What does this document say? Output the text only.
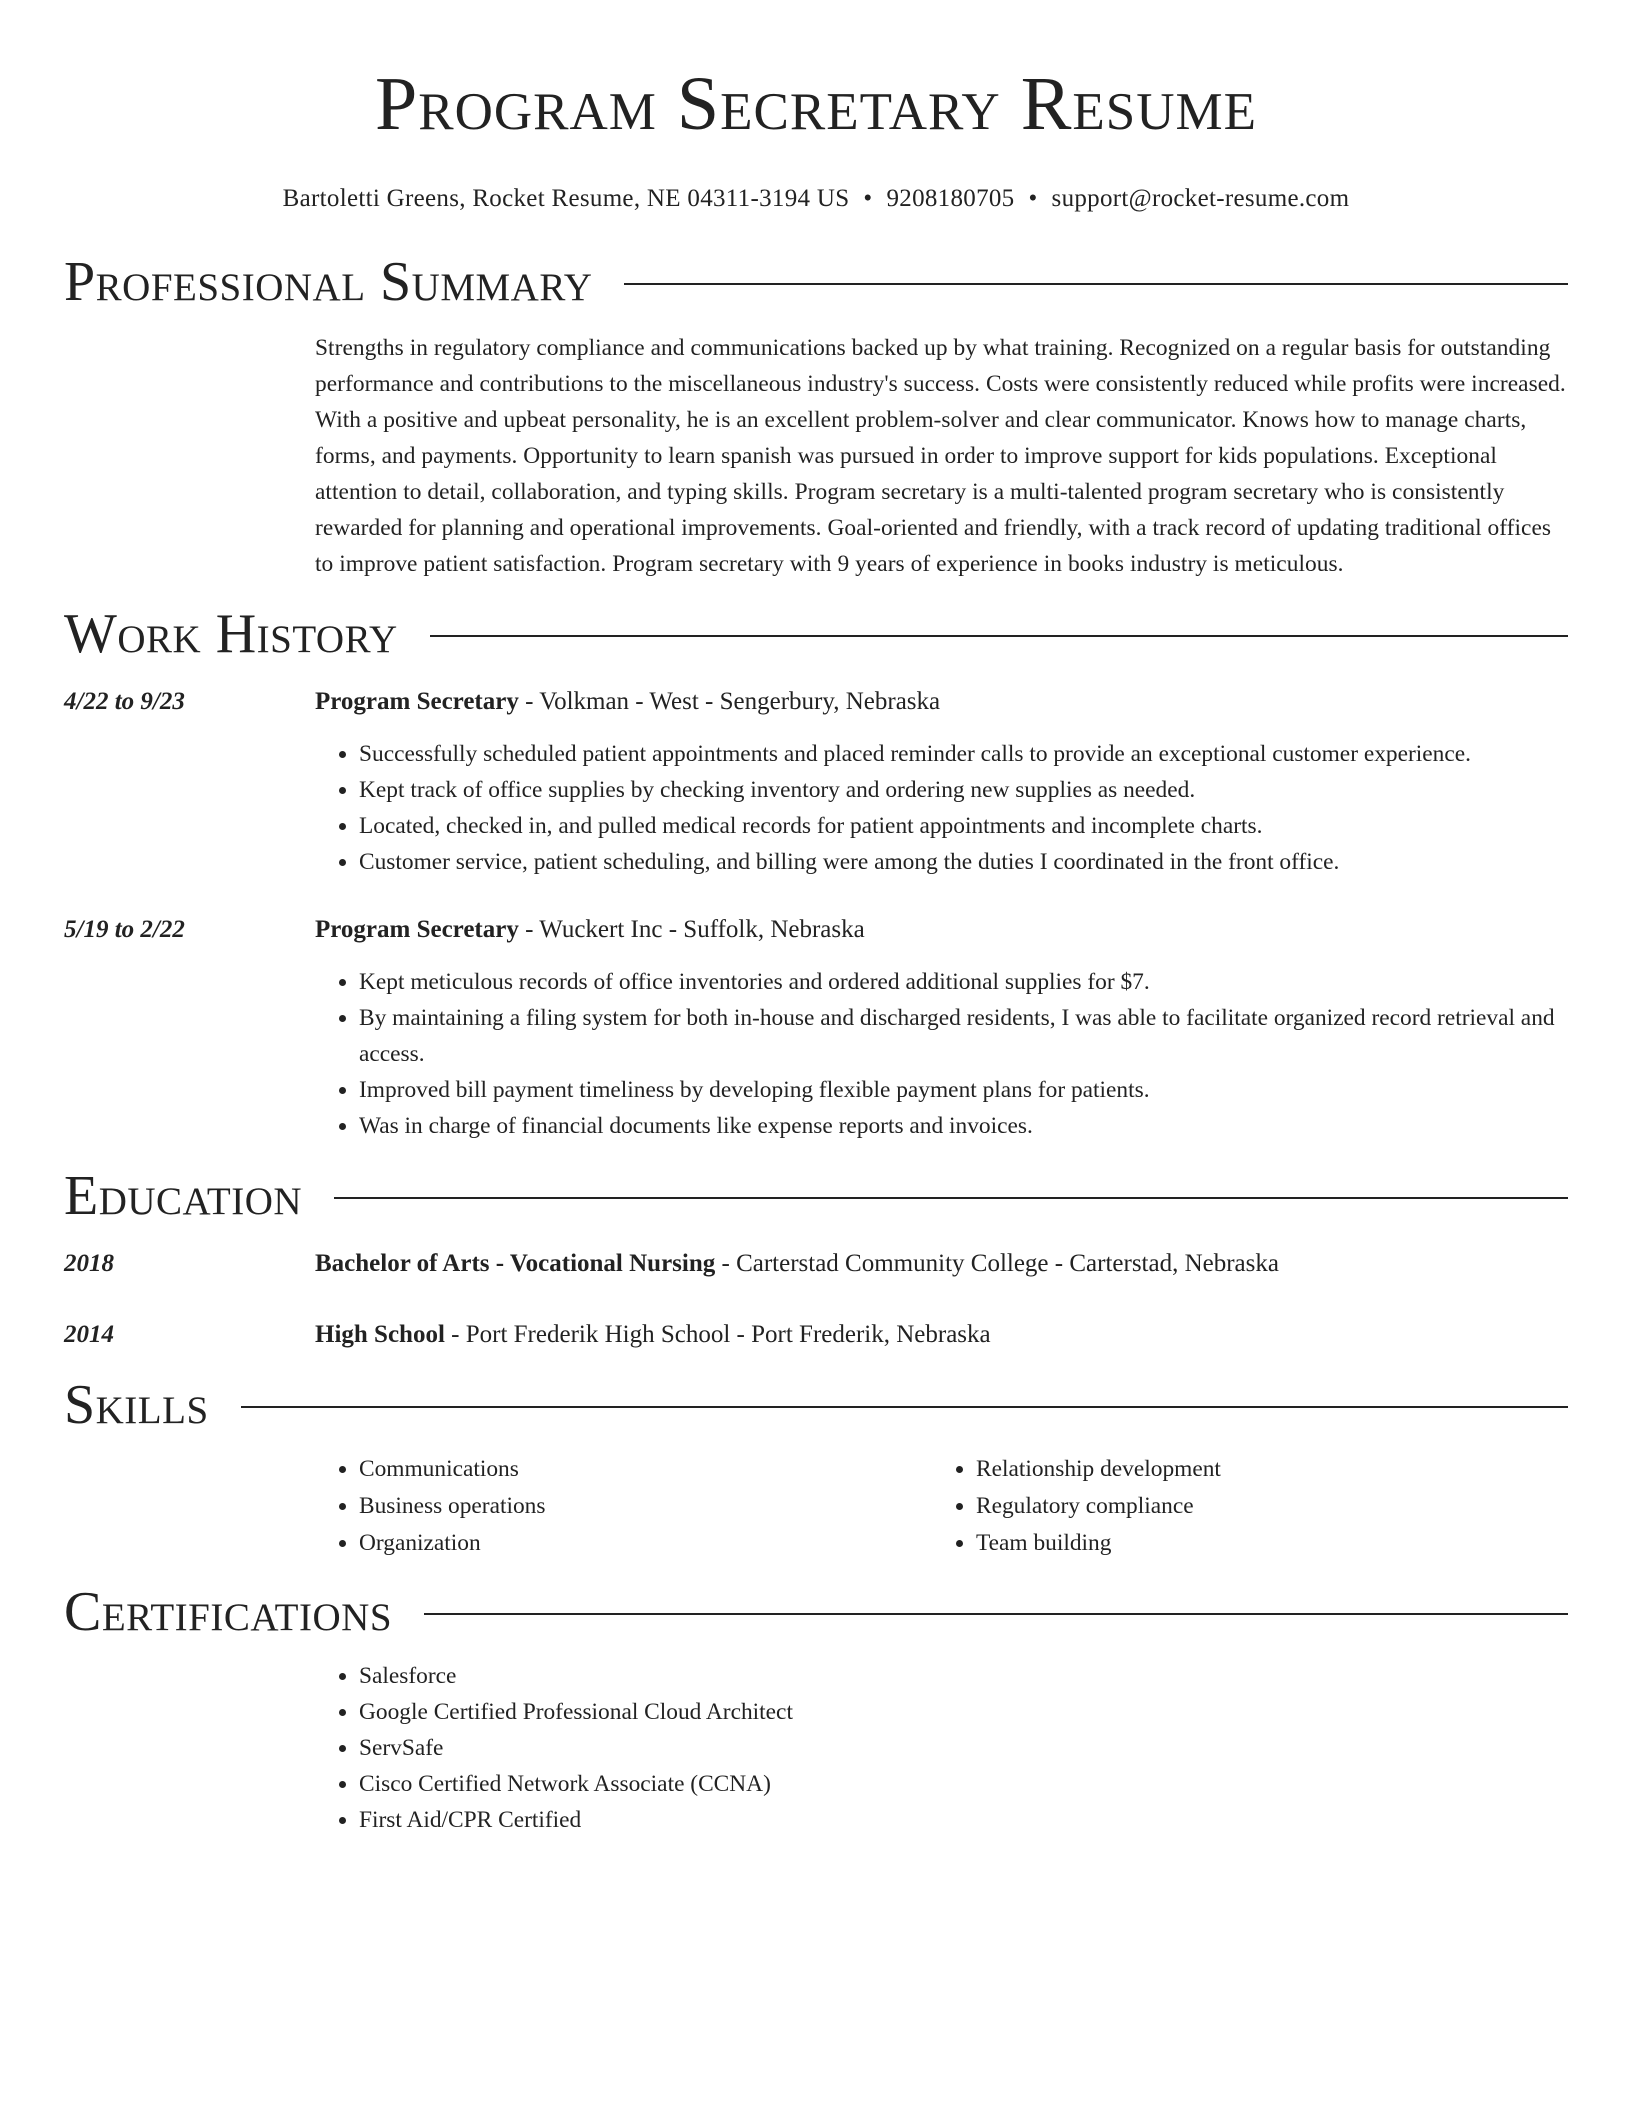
Program Secretary Resume
Bartoletti Greens, Rocket Resume, NE 04311-3194 US • 9208180705 • support@rocket-resume.com
Professional Summary

Strengths in regulatory compliance and communications backed up by what training. Recognized on a regular basis for outstanding performance and contributions to the miscellaneous industry's success. Costs were consistently reduced while profits were increased. With a positive and upbeat personality, he is an excellent problem-solver and clear communicator. Knows how to manage charts, forms, and payments. Opportunity to learn spanish was pursued in order to improve support for kids populations. Exceptional attention to detail, collaboration, and typing skills. Program secretary is a multi-talented program secretary who is consistently rewarded for planning and operational improvements. Goal-oriented and friendly, with a track record of updating traditional offices to improve patient satisfaction. Program secretary with 9 years of experience in books industry is meticulous.

Work History
4/22 to 9/23	Program Secretary - Volkman - West - Sengerbury, Nebraska
• Successfully scheduled patient appointments and placed reminder calls to provide an exceptional customer experience.
• Kept track of office supplies by checking inventory and ordering new supplies as needed.
• Located, checked in, and pulled medical records for patient appointments and incomplete charts.
• Customer service, patient scheduling, and billing were among the duties I coordinated in the front office.
5/19 to 2/22	Program Secretary - Wuckert Inc - Suffolk, Nebraska
• Kept meticulous records of office inventories and ordered additional supplies for $7.
• By maintaining a filing system for both in-house and discharged residents, I was able to facilitate organized record retrieval and access.
• Improved bill payment timeliness by developing flexible payment plans for patients.
• Was in charge of financial documents like expense reports and invoices.
Education
2018	Bachelor of Arts - Vocational Nursing - Carterstad Community College - Carterstad, Nebraska
2014	High School - Port Frederik High School - Port Frederik, Nebraska
Skills
• Communications
• Business operations
• Organization
• Relationship development
• Regulatory compliance
• Team building
Certifications
• Salesforce
• Google Certified Professional Cloud Architect
• ServSafe
• Cisco Certified Network Associate (CCNA)
• First Aid/CPR Certified
